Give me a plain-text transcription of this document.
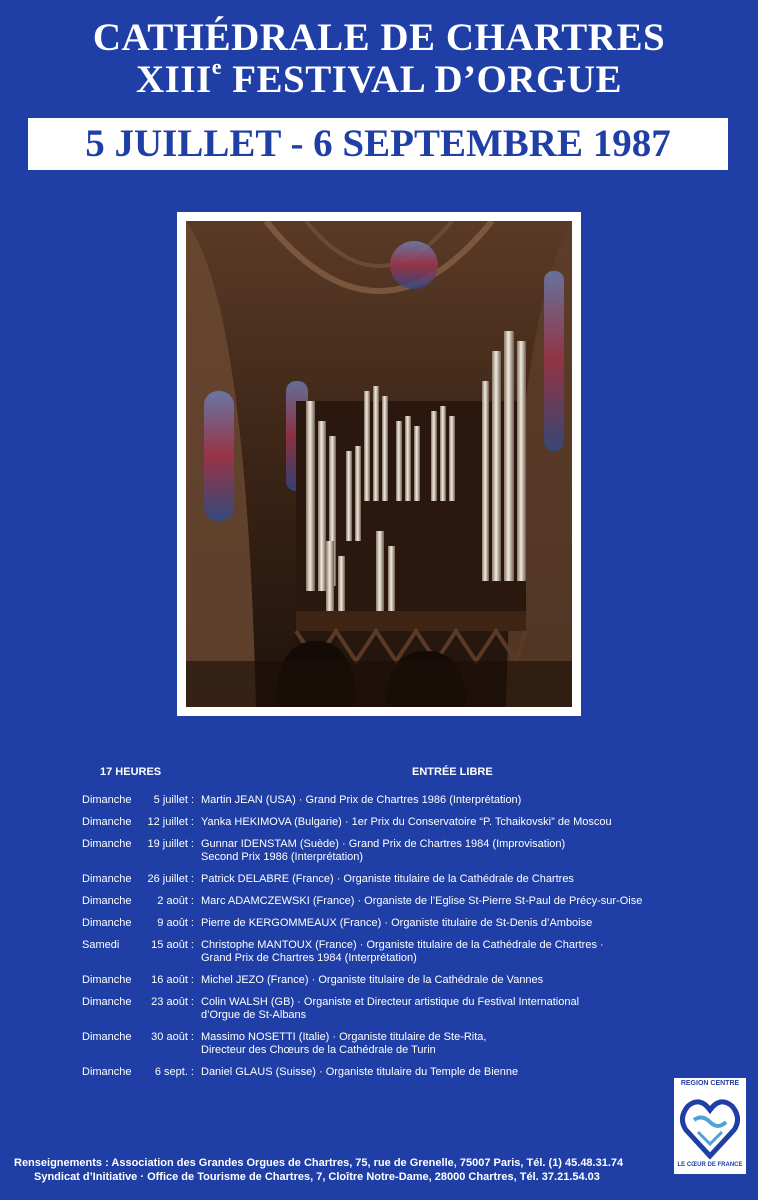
CATHÉDRALE DE CHARTRES
XIIIe FESTIVAL D’ORGUE
5 JUILLET - 6 SEPTEMBRE 1987
17 HEURES	ENTRÉE LIBRE
Dimanche	5 juillet : Martin JEAN (USA) · Grand Prix de Chartres 1986 (Interprétation)
Dimanche	12 juillet : Yanka HEKIMOVA (Bulgarie) · 1er Prix du Conservatoire “P. Tchaikovski” de Moscou
Dimanche	19 juillet : Gunnar IDENSTAM (Suède) · Grand Prix de Chartres 1984 (Improvisation)
Second Prix 1986 (Interprétation)
Dimanche	26 juillet : Patrick DELABRE (France) · Organiste titulaire de la Cathédrale de Chartres
Dimanche	2 août : Marc ADAMCZEWSKI (France) · Organiste de l’Eglise St-Pierre St-Paul de Précy-sur-Oise
Dimanche	9 août : Pierre de KERGOMMEAUX (France) · Organiste titulaire de St-Denis d’Amboise
Samedi	15 août : Christophe MANTOUX (France) · Organiste titulaire de la Cathédrale de Chartres ·
Grand Prix de Chartres 1984 (Interprétation)
Dimanche	16 août : Michel JEZO (France) · Organiste titulaire de la Cathédrale de Vannes
Dimanche	23 août : Colin WALSH (GB) · Organiste et Directeur artistique du Festival International
d’Orgue de St-Albans
Dimanche	30 août : Massimo NOSETTI (Italie) · Organiste titulaire de Ste-Rita,
Directeur des Chœurs de la Cathédrale de Turin
Dimanche	6 sept. : Daniel GLAUS (Suisse) · Organiste titulaire du Temple de Bienne
REGION CENTRE
LE CŒUR DE FRANCE
Renseignements : Association des Grandes Orgues de Chartres, 75, rue de Grenelle, 75007 Paris, Tél. (1) 45.48.31.74
Syndicat d’Initiative · Office de Tourisme de Chartres, 7, Cloître Notre-Dame, 28000 Chartres, Tél. 37.21.54.03
